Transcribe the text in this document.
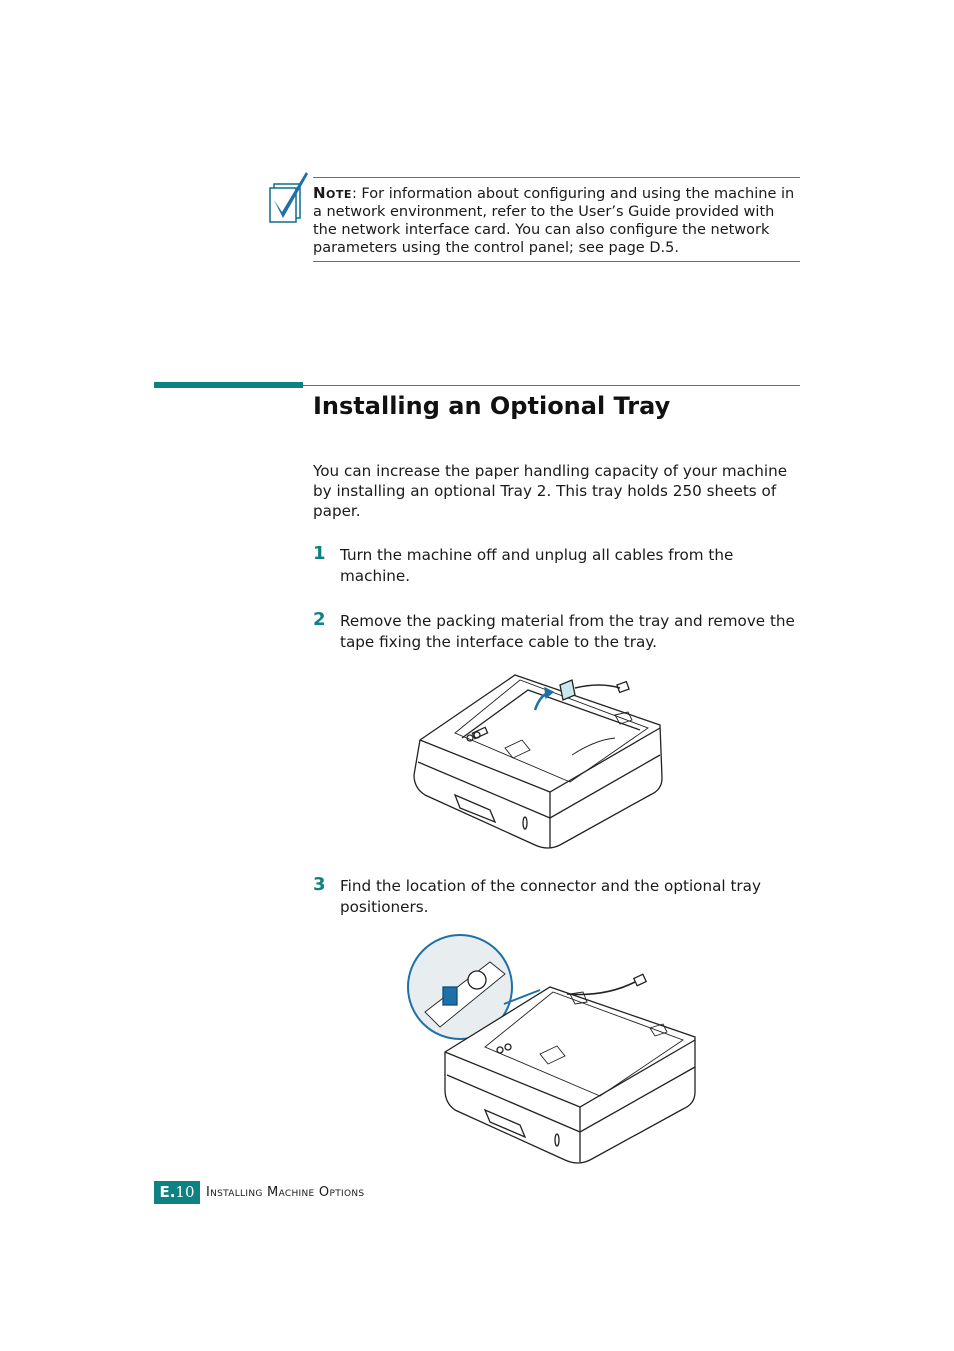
Note: For information about configuring and using the machine in a network environment, refer to the User’s Guide provided with the network interface card. You can also configure the network parameters using the control panel; see page D.5.
Installing an Optional Tray
You can increase the paper handling capacity of your machine by installing an optional Tray 2. This tray holds 250 sheets of paper.
1 Turn the machine off and unplug all cables from the machine.
2 Remove the packing material from the tray and remove the tape fixing the interface cable to the tray.
3 Find the location of the connector and the optional tray positioners.
E.10 Installing Machine Options
